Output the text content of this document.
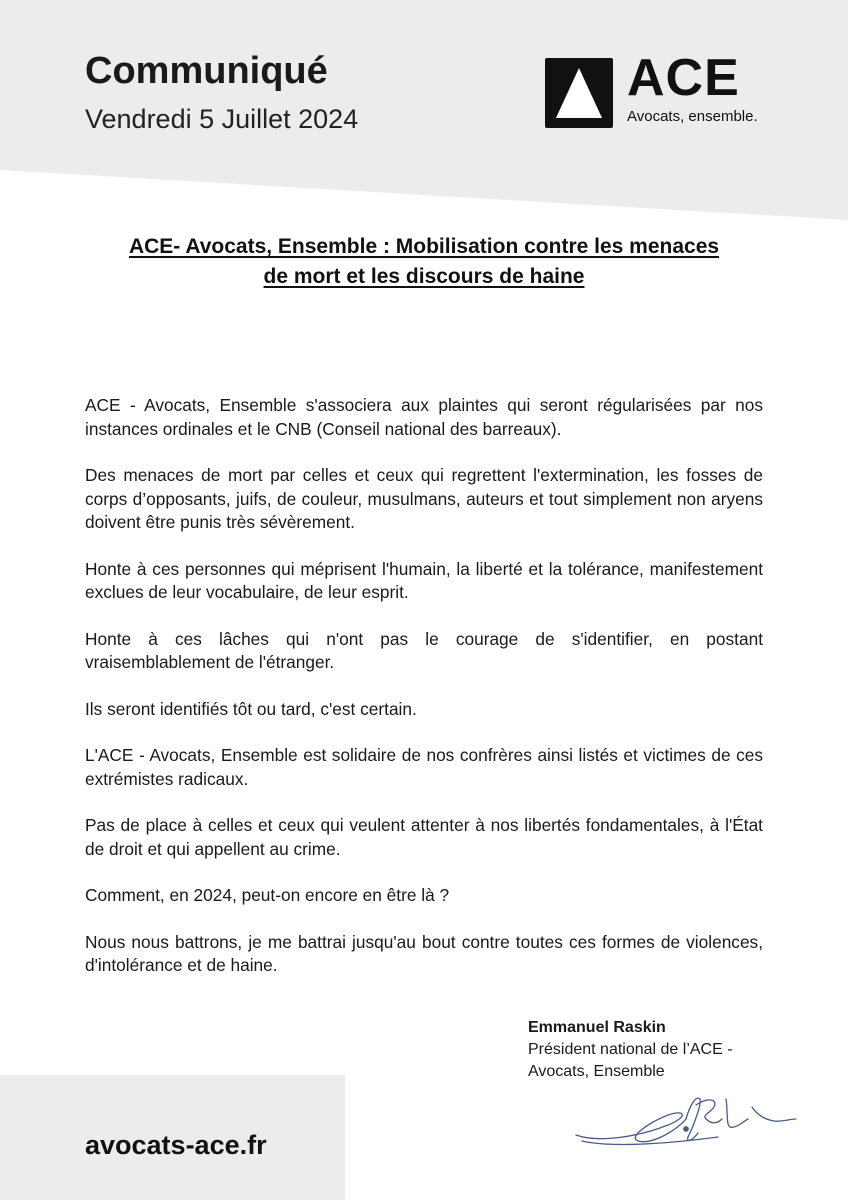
Communiqué
Vendredi 5 Juillet 2024
ACE
Avocats, ensemble.
ACE- Avocats, Ensemble : Mobilisation contre les menaces
de mort et les discours de haine

ACE - Avocats, Ensemble s'associera aux plaintes qui seront régularisées par nos instances ordinales et le CNB (Conseil national des barreaux).

Des menaces de mort par celles et ceux qui regrettent l'extermination, les fosses de corps d’opposants, juifs, de couleur, musulmans, auteurs et tout simplement non aryens doivent être punis très sévèrement.

Honte à ces personnes qui méprisent l'humain, la liberté et la tolérance, manifestement exclues de leur vocabulaire, de leur esprit.

Honte à ces lâches qui n'ont pas le courage de s'identifier, en postant vraisemblablement de l'étranger.

Ils seront identifiés tôt ou tard, c'est certain.

L'ACE - Avocats, Ensemble est solidaire de nos confrères ainsi listés et victimes de ces extrémistes radicaux.

Pas de place à celles et ceux qui veulent attenter à nos libertés fondamentales, à l'État de droit et qui appellent au crime.

Comment, en 2024, peut-on encore en être là ?

Nous nous battrons, je me battrai jusqu'au bout contre toutes ces formes de violences, d'intolérance et de haine.

Emmanuel Raskin

Président national de l’ACE - Avocats, Ensemble

avocats-ace.fr
